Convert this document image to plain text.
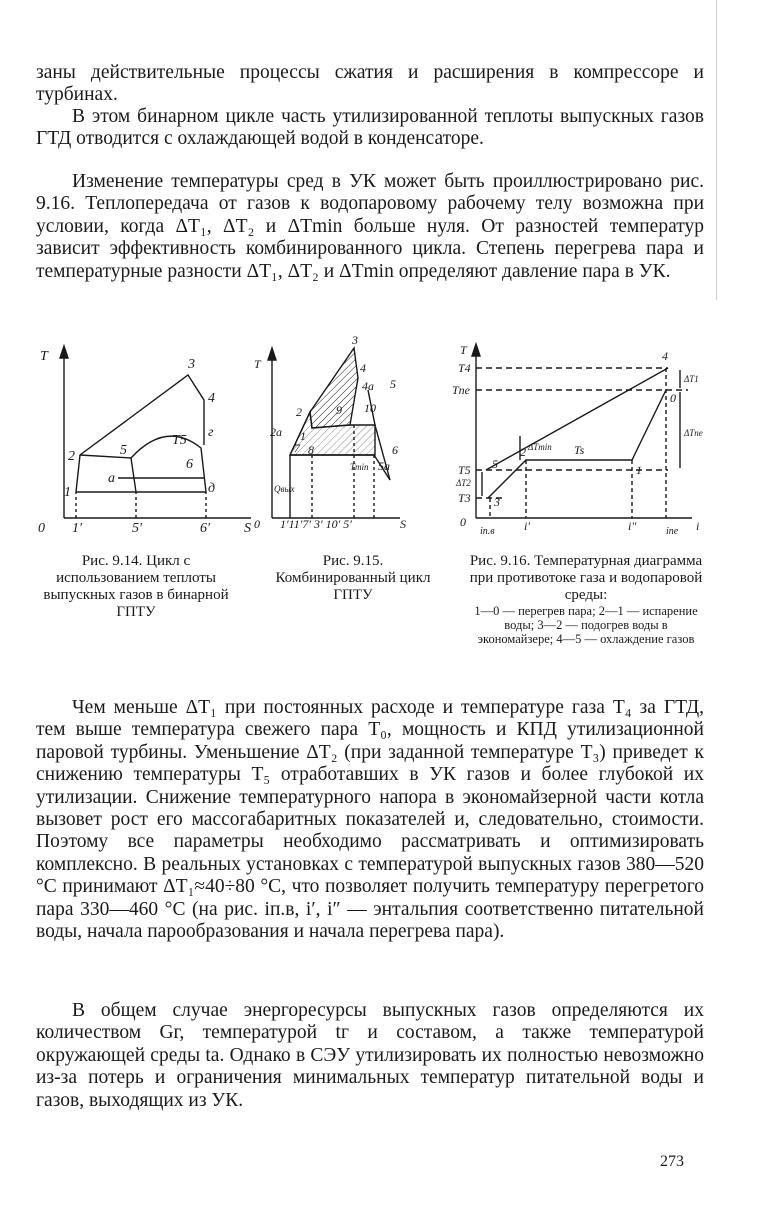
заны действительные процессы сжатия и расширения в компрессоре и турбинах.

В этом бинарном цикле часть утилизированной теплоты выпускных газов ГТД отводится с охлаждающей водой в конденсаторе.

Изменение температуры сред в УК может быть проиллюстрировано рис. 9.16. Теплопередача от газов к водопаровому рабочему телу возможна при условии, когда ΔT₁, ΔT₂ и ΔTmin больше нуля. От разностей температур зависит эффективность комбинированного цикла. Степень перегрева пара и температурные разности ΔT₁, ΔT₂ и ΔTmin определяют давление пара в УК.

T
0
1
2
3
4
5
6
a
г
д
T5
S
1′	5′	6′
T
0
3
4
4a 5
2
2a
9 10
1
6
7 8
5a
Tmin
Qвых
S
1′11′7′ 3′ 10′ 5′
T
T4
Tпе
T5
T3
0
4
0
5
2
1
3
Ts
ΔT1
ΔTпе
ΔTmin
ΔT2
iп.в i′	i″	iпе i

Рис. 9.14. Цикл с использованием теплоты выпускных газов в бинарной ГПТУ

Рис. 9.15. Комбинированный цикл ГПТУ

Рис. 9.16. Температурная диаграмма при противотоке газа и водопаровой среды:
1—0 — перегрев пара; 2—1 — испарение воды; 3—2 — подогрев воды в экономайзере; 4—5 — охлаждение газов

Чем меньше ΔT₁ при постоянных расходе и температуре газа T₄ за ГТД, тем выше температура свежего пара T₀, мощность и КПД утилизационной паровой турбины. Уменьшение ΔT₂ (при заданной температуре T₃) приведет к снижению температуры T₅ отработавших в УК газов и более глубокой их утилизации. Снижение температурного напора в экономайзерной части котла вызовет рост его массогабаритных показателей и, следовательно, стоимости. Поэтому все параметры необходимо рассматривать и оптимизировать комплексно. В реальных установках с температурой выпускных газов 380—520 °C принимают ΔT₁≈40÷80 °C, что позволяет получить температуру перегретого пара 330—460 °C (на рис. iп.в, i′, i″ — энтальпия соответственно питательной воды, начала парообразования и начала перегрева пара).

В общем случае энергоресурсы выпускных газов определяются их количеством Gг, температурой tг и составом, а также температурой окружающей среды tа. Однако в СЭУ утилизировать их полностью невозможно из-за потерь и ограничения минимальных температур питательной воды и газов, выходящих из УК.

273
